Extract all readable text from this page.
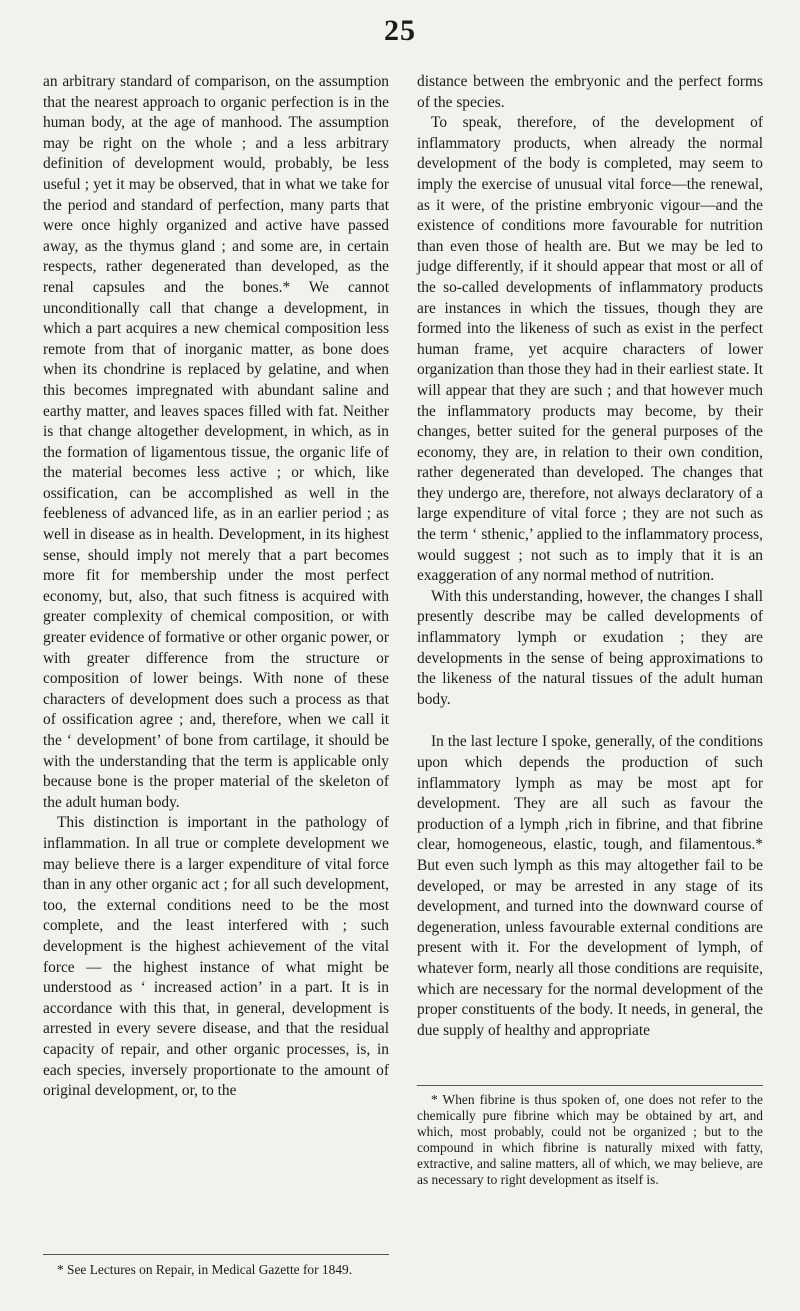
25

an arbitrary standard of comparison, on the assumption that the nearest approach to organic perfection is in the human body, at the age of manhood. The assumption may be right on the whole ; and a less arbitrary definition of development would, probably, be less useful ; yet it may be observed, that in what we take for the period and standard of perfection, many parts that were once highly organized and active have passed away, as the thymus gland ; and some are, in certain respects, rather degenerated than developed, as the renal capsules and the bones.* We cannot unconditionally call that change a development, in which a part acquires a new chemical composition less remote from that of inorganic matter, as bone does when its chondrine is replaced by gelatine, and when this becomes impregnated with abundant saline and earthy matter, and leaves spaces filled with fat. Neither is that change altogether development, in which, as in the formation of ligamentous tissue, the organic life of the material becomes less active ; or which, like ossification, can be accomplished as well in the feebleness of advanced life, as in an earlier period ; as well in disease as in health. Development, in its highest sense, should imply not merely that a part becomes more fit for membership under the most perfect economy, but, also, that such fitness is acquired with greater complexity of chemical composition, or with greater evidence of formative or other organic power, or with greater difference from the structure or composition of lower beings. With none of these characters of development does such a process as that of ossification agree ; and, therefore, when we call it the ‘ development’ of bone from cartilage, it should be with the understanding that the term is applicable only because bone is the proper material of the skeleton of the adult human body.

This distinction is important in the pathology of inflammation. In all true or complete development we may believe there is a larger expenditure of vital force than in any other organic act ; for all such development, too, the external conditions need to be the most complete, and the least interfered with ; such development is the highest achievement of the vital force — the highest instance of what might be understood as ‘ increased action’ in a part. It is in accordance with this that, in general, development is arrested in every severe disease, and that the residual capacity of repair, and other organic processes, is, in each species, inversely proportionate to the amount of original development, or, to the

* See Lectures on Repair, in Medical Gazette for 1849.

distance between the embryonic and the perfect forms of the species.

To speak, therefore, of the development of inflammatory products, when already the normal development of the body is completed, may seem to imply the exercise of unusual vital force—the renewal, as it were, of the pristine embryonic vigour—and the existence of conditions more favourable for nutrition than even those of health are. But we may be led to judge differently, if it should appear that most or all of the so-called developments of inflammatory products are instances in which the tissues, though they are formed into the likeness of such as exist in the perfect human frame, yet acquire characters of lower organization than those they had in their earliest state. It will appear that they are such ; and that however much the inflammatory products may become, by their changes, better suited for the general purposes of the economy, they are, in relation to their own condition, rather degenerated than developed. The changes that they undergo are, therefore, not always declaratory of a large expenditure of vital force ; they are not such as the term ‘ sthenic,’ applied to the inflammatory process, would suggest ; not such as to imply that it is an exaggeration of any normal method of nutrition.

With this understanding, however, the changes I shall presently describe may be called developments of inflammatory lymph or exudation ; they are developments in the sense of being approximations to the likeness of the natural tissues of the adult human body.

In the last lecture I spoke, generally, of the conditions upon which depends the production of such inflammatory lymph as may be most apt for development. They are all such as favour the production of a lymph ,rich in fibrine, and that fibrine clear, homogeneous, elastic, tough, and filamentous.* But even such lymph as this may altogether fail to be developed, or may be arrested in any stage of its development, and turned into the downward course of degeneration, unless favourable external conditions are present with it. For the development of lymph, of whatever form, nearly all those conditions are requisite, which are necessary for the normal development of the proper constituents of the body. It needs, in general, the due supply of healthy and appropriate

* When fibrine is thus spoken of, one does not refer to the chemically pure fibrine which may be obtained by art, and which, most probably, could not be organized ; but to the compound in which fibrine is naturally mixed with fatty, extractive, and saline matters, all of which, we may believe, are as necessary to right development as itself is.
